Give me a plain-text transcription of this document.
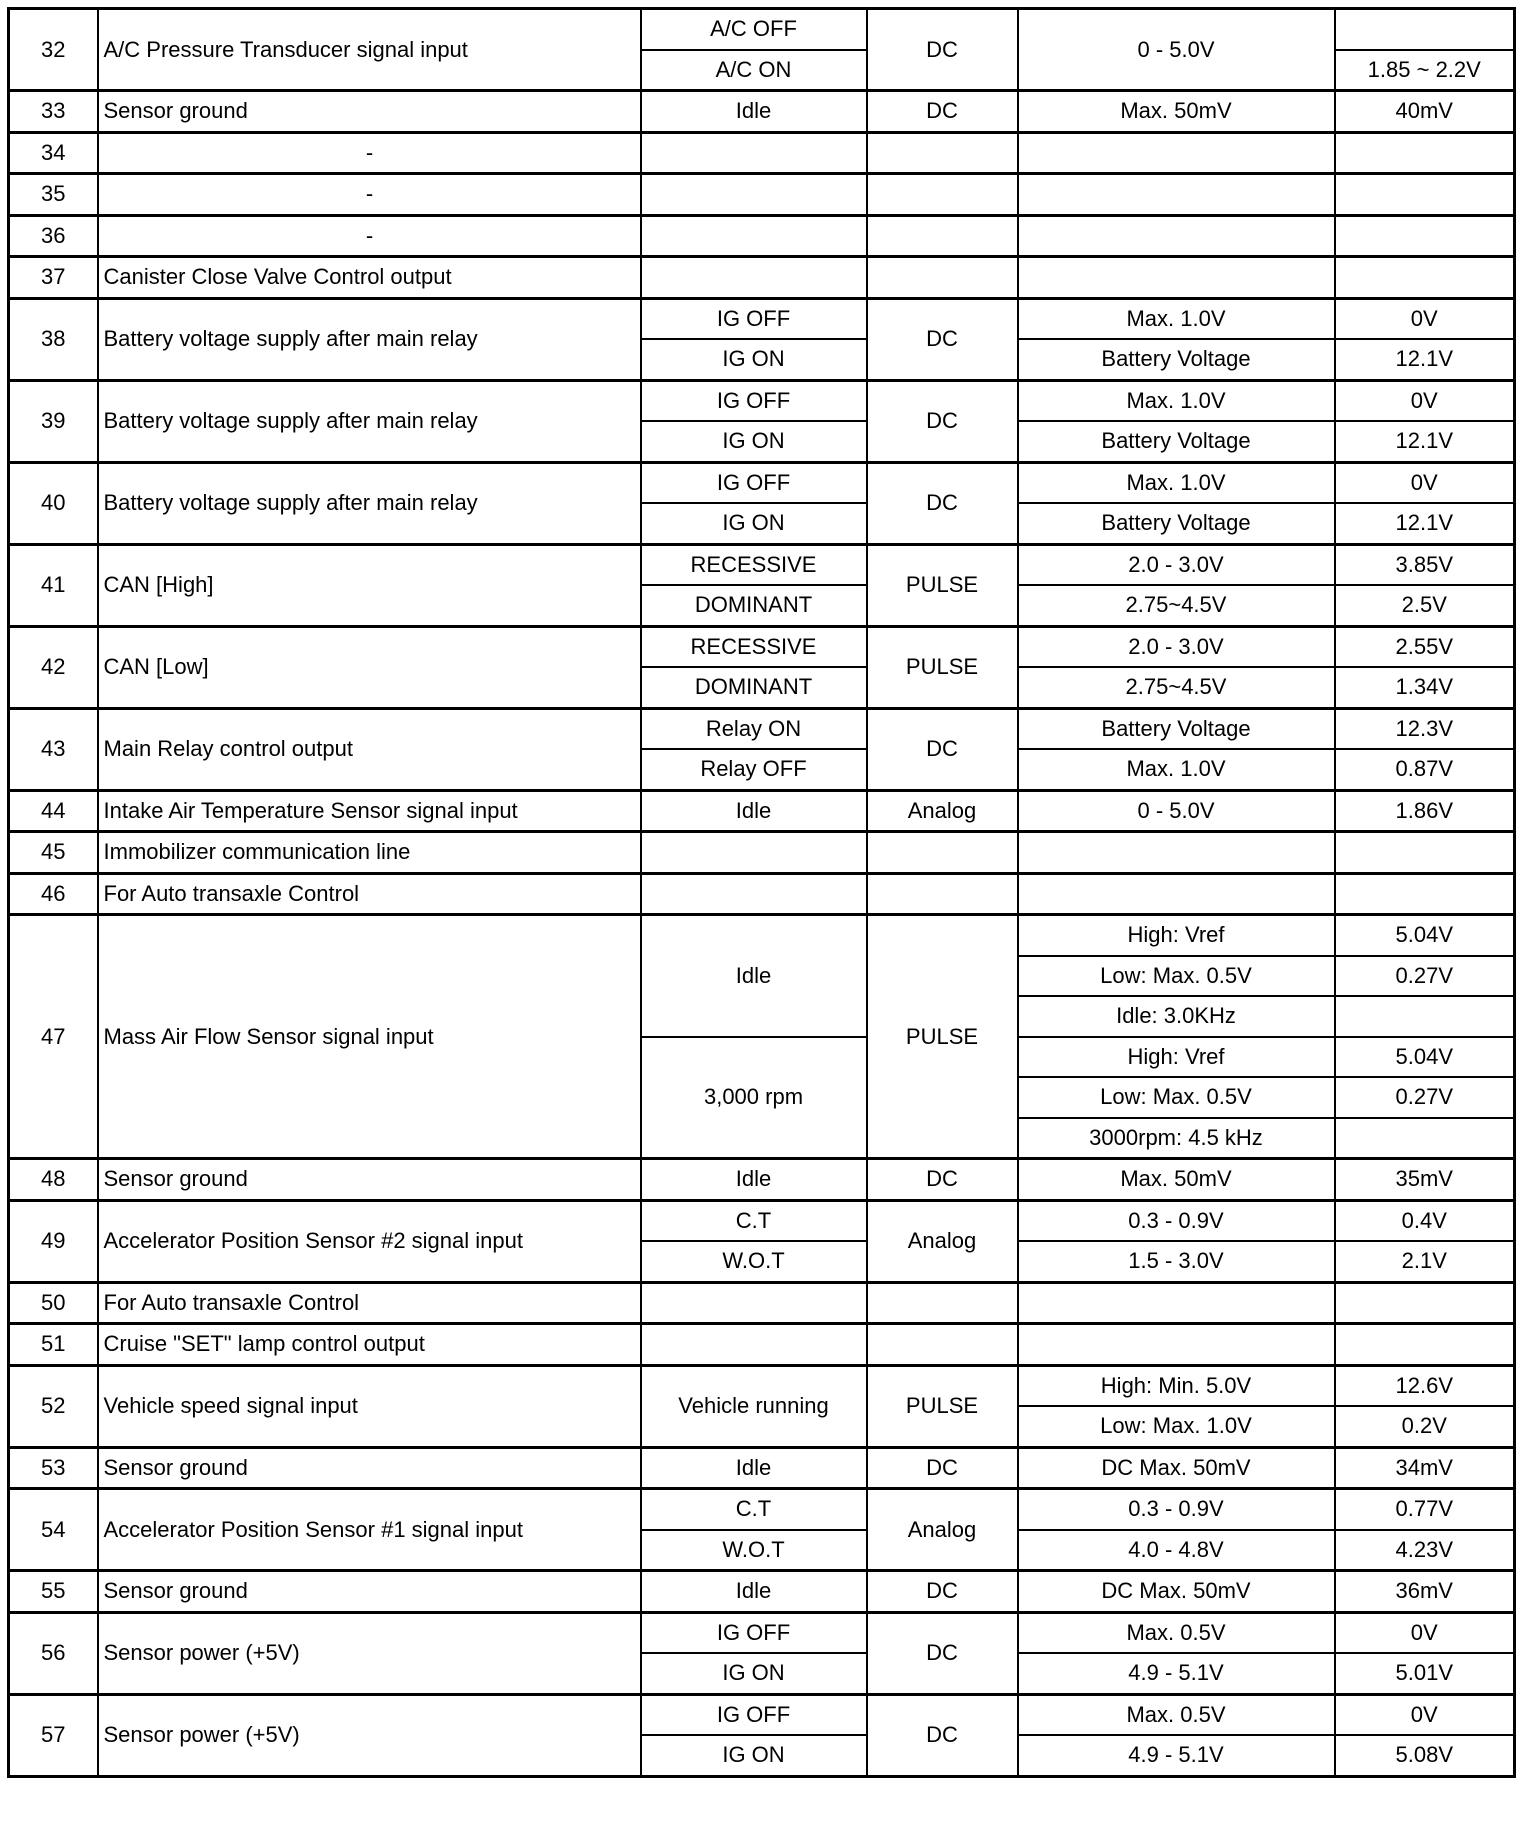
32	A/C Pressure Transducer signal input	A/C OFF	DC	0 - 5.0V	
		A/C ON			1.85 ~ 2.2V
33	Sensor ground	Idle	DC	Max. 50mV	40mV
34	-				
35	-				
36	-				
37	Canister Close Valve Control output				
38	Battery voltage supply after main relay	IG OFF	DC	Max. 1.0V	0V
		IG ON		Battery Voltage	12.1V
39	Battery voltage supply after main relay	IG OFF	DC	Max. 1.0V	0V
		IG ON		Battery Voltage	12.1V
40	Battery voltage supply after main relay	IG OFF	DC	Max. 1.0V	0V
		IG ON		Battery Voltage	12.1V
41	CAN [High]	RECESSIVE	PULSE	2.0 - 3.0V	3.85V
		DOMINANT		2.75~4.5V	2.5V
42	CAN [Low]	RECESSIVE	PULSE	2.0 - 3.0V	2.55V
		DOMINANT		2.75~4.5V	1.34V
43	Main Relay control output	Relay ON	DC	Battery Voltage	12.3V
		Relay OFF		Max. 1.0V	0.87V
44	Intake Air Temperature Sensor signal input	Idle	Analog	0 - 5.0V	1.86V
45	Immobilizer communication line				
46	For Auto transaxle Control				
47	Mass Air Flow Sensor signal input	Idle	PULSE	High: Vref	5.04V
				Low: Max. 0.5V	0.27V
				Idle: 3.0KHz	
		3,000 rpm		High: Vref	5.04V
				Low: Max. 0.5V	0.27V
				3000rpm: 4.5 kHz	
48	Sensor ground	Idle	DC	Max. 50mV	35mV
49	Accelerator Position Sensor #2 signal input	C.T	Analog	0.3 - 0.9V	0.4V
		W.O.T		1.5 - 3.0V	2.1V
50	For Auto transaxle Control				
51	Cruise "SET" lamp control output				
52	Vehicle speed signal input	Vehicle running	PULSE	High: Min. 5.0V	12.6V
				Low: Max. 1.0V	0.2V
53	Sensor ground	Idle	DC	DC Max. 50mV	34mV
54	Accelerator Position Sensor #1 signal input	C.T	Analog	0.3 - 0.9V	0.77V
		W.O.T		4.0 - 4.8V	4.23V
55	Sensor ground	Idle	DC	DC Max. 50mV	36mV
56	Sensor power (+5V)	IG OFF	DC	Max. 0.5V	0V
		IG ON		4.9 - 5.1V	5.01V
57	Sensor power (+5V)	IG OFF	DC	Max. 0.5V	0V
		IG ON		4.9 - 5.1V	5.08V
